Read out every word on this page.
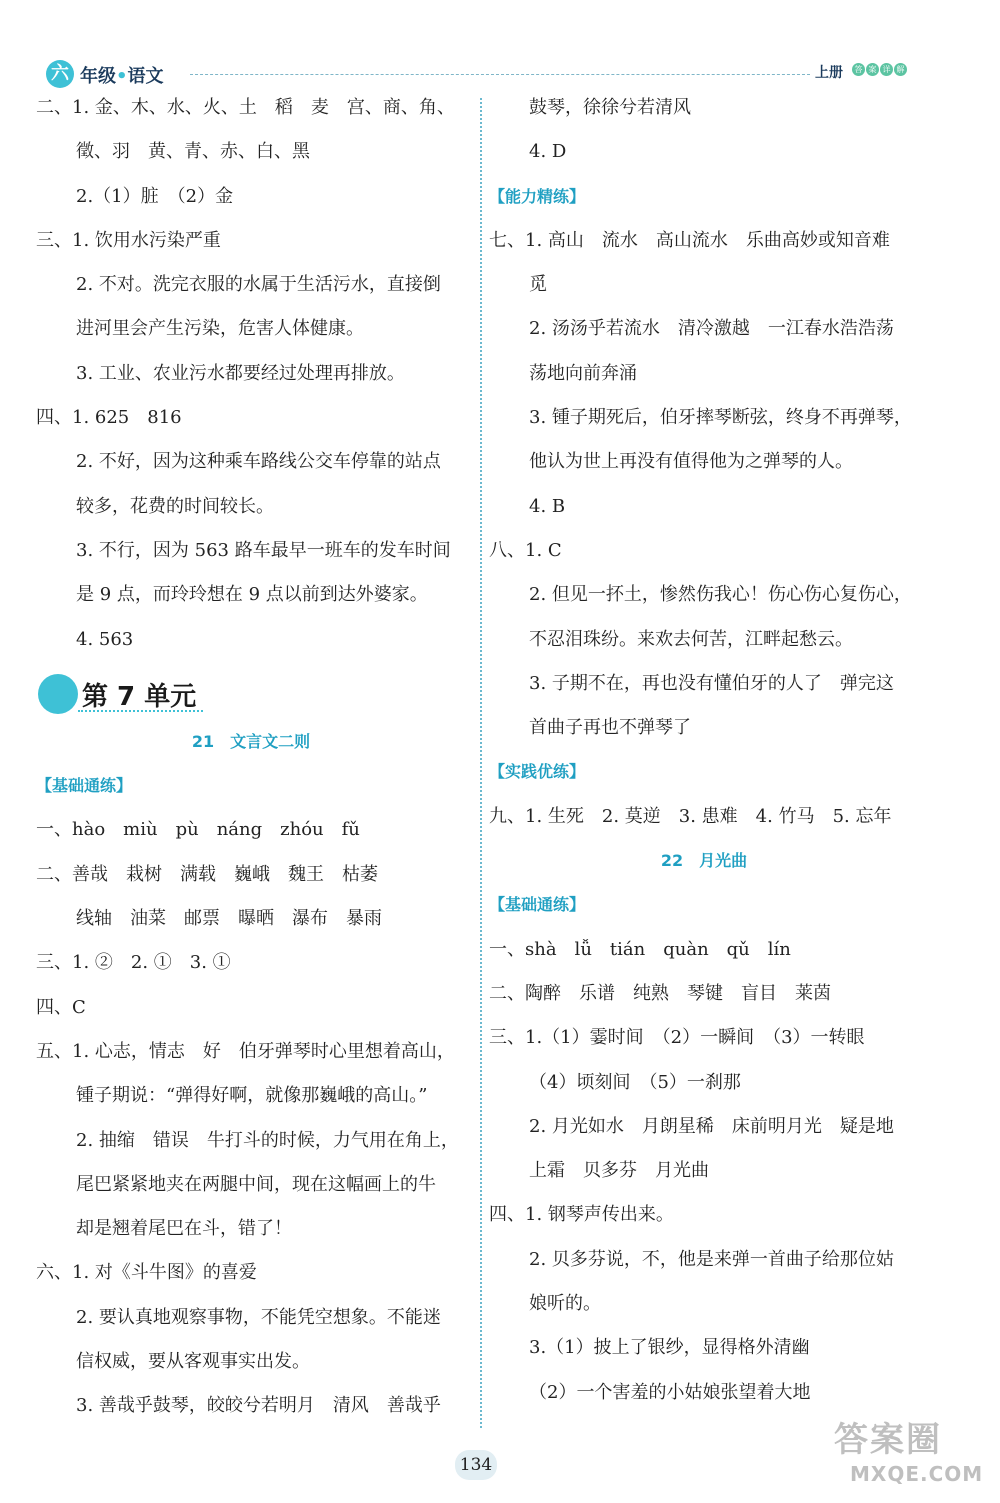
六 年级•语文	上册	答 案 详 解
二、1. 金、木、水、火、土　稻　麦　宫、商、角、
徵、羽　黄、青、赤、白、黑
2.（1）脏　（2）金
三、1. 饮用水污染严重
2. 不对。洗完衣服的水属于生活污水，直接倒
进河里会产生污染，危害人体健康。
3. 工业、农业污水都要经过处理再排放。
四、1. 625　816
2. 不好，因为这种乘车路线公交车停靠的站点
较多，花费的时间较长。
3. 不行，因为 563 路车最早一班车的发车时间
是 9 点，而玲玲想在 9 点以前到达外婆家。
4. 563
第 7 单元
21　文言文二则
【基础通练】
一、hào　miù　pù　náng　zhóu　fǔ
二、善哉　栽树　满载　巍峨　魏王　枯萎
线轴　油菜　邮票　曝晒　瀑布　暴雨
三、1. ②　2. ①　3. ①
四、C
五、1. 心志，情志　好　伯牙弹琴时心里想着高山，
锺子期说：“弹得好啊，就像那巍峨的高山。”
2. 抽缩　错误　牛打斗的时候，力气用在角上，
尾巴紧紧地夹在两腿中间，现在这幅画上的牛
却是翘着尾巴在斗，错了！
六、1. 对《斗牛图》的喜爱
2. 要认真地观察事物，不能凭空想象。不能迷
信权威，要从客观事实出发。
3. 善哉乎鼓琴，皎皎兮若明月　清风　善哉乎
鼓琴，徐徐兮若清风
4. D
【能力精练】
七、1. 高山　流水　高山流水　乐曲高妙或知音难
觅
2. 汤汤乎若流水　清冷激越　一江春水浩浩荡
荡地向前奔涌
3. 锺子期死后，伯牙摔琴断弦，终身不再弹琴，
他认为世上再没有值得他为之弹琴的人。
4. B
八、1. C
2. 但见一抔土，惨然伤我心！伤心伤心复伤心，
不忍泪珠纷。来欢去何苦，江畔起愁云。
3. 子期不在，再也没有懂伯牙的人了　弹完这
首曲子再也不弹琴了
【实践优练】
九、1. 生死　2. 莫逆　3. 患难　4. 竹马　5. 忘年
22　月光曲
【基础通练】
一、shà　lǚ　tián　quàn　qǔ　lín
二、陶醉　乐谱　纯熟　琴键　盲目　莱茵
三、1.（1）霎时间　（2）一瞬间　（3）一转眼
（4）顷刻间　（5）一刹那
2. 月光如水　月朗星稀　床前明月光　疑是地
上霜　贝多芬　月光曲
四、1. 钢琴声传出来。
2. 贝多芬说，不，他是来弹一首曲子给那位姑
娘听的。
3.（1）披上了银纱，显得格外清幽
（2）一个害羞的小姑娘张望着大地
134
答案圈
MXQE.COM
